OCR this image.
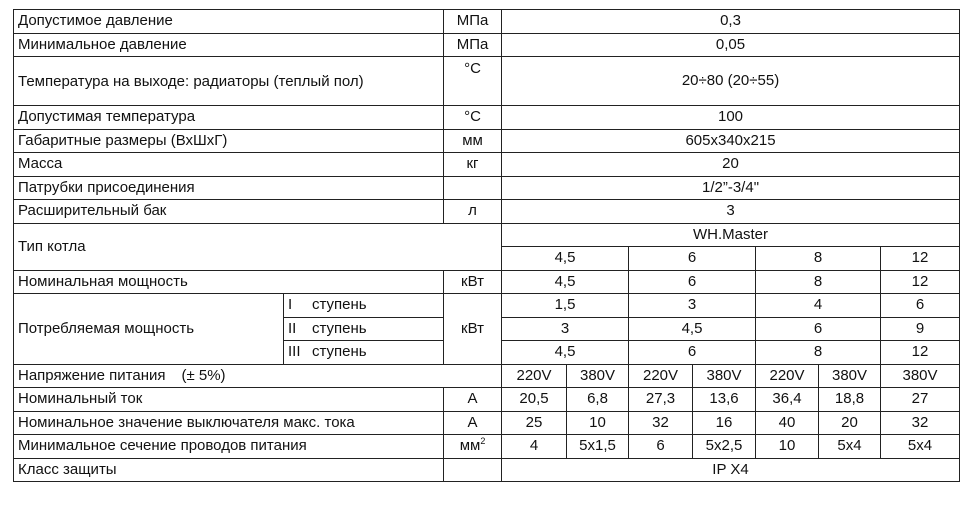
Допустимое давление		МПа	0,3						
Минимальное давление		МПа	0,05						
Температура на выходе: радиаторы (теплый пол)		°С	20÷80 (20÷55)						
Допустимая температура		°С	100						
Габаритные размеры (ВхШхГ)		мм	605x340x215						
Масса		кг	20						
Патрубки присоединения			1/2”-3/4"						
Расширительный бак		л	3						
Тип котла			WH.Master						
			4,5		6		8		12
Номинальная мощность		кВт	4,5		6		8		12
Потребляемая мощность	I ступень	кВт	1,5		3		4		6
	II ступень		3		4,5		6		9
	III ступень		4,5		6		8		12
Напряжение питания (± 5%)			220V	380V	220V	380V	220V	380V	380V
Номинальный ток		А	20,5	6,8	27,3	13,6	36,4	18,8	27
Номинальное значение выключателя макс. тока		А	25	10	32	16	40	20	32
Минимальное сечение проводов питания		$мм^2$	4	5x1,5	6	5x2,5	10	5x4	5x4
Класс защиты			IP X4						
